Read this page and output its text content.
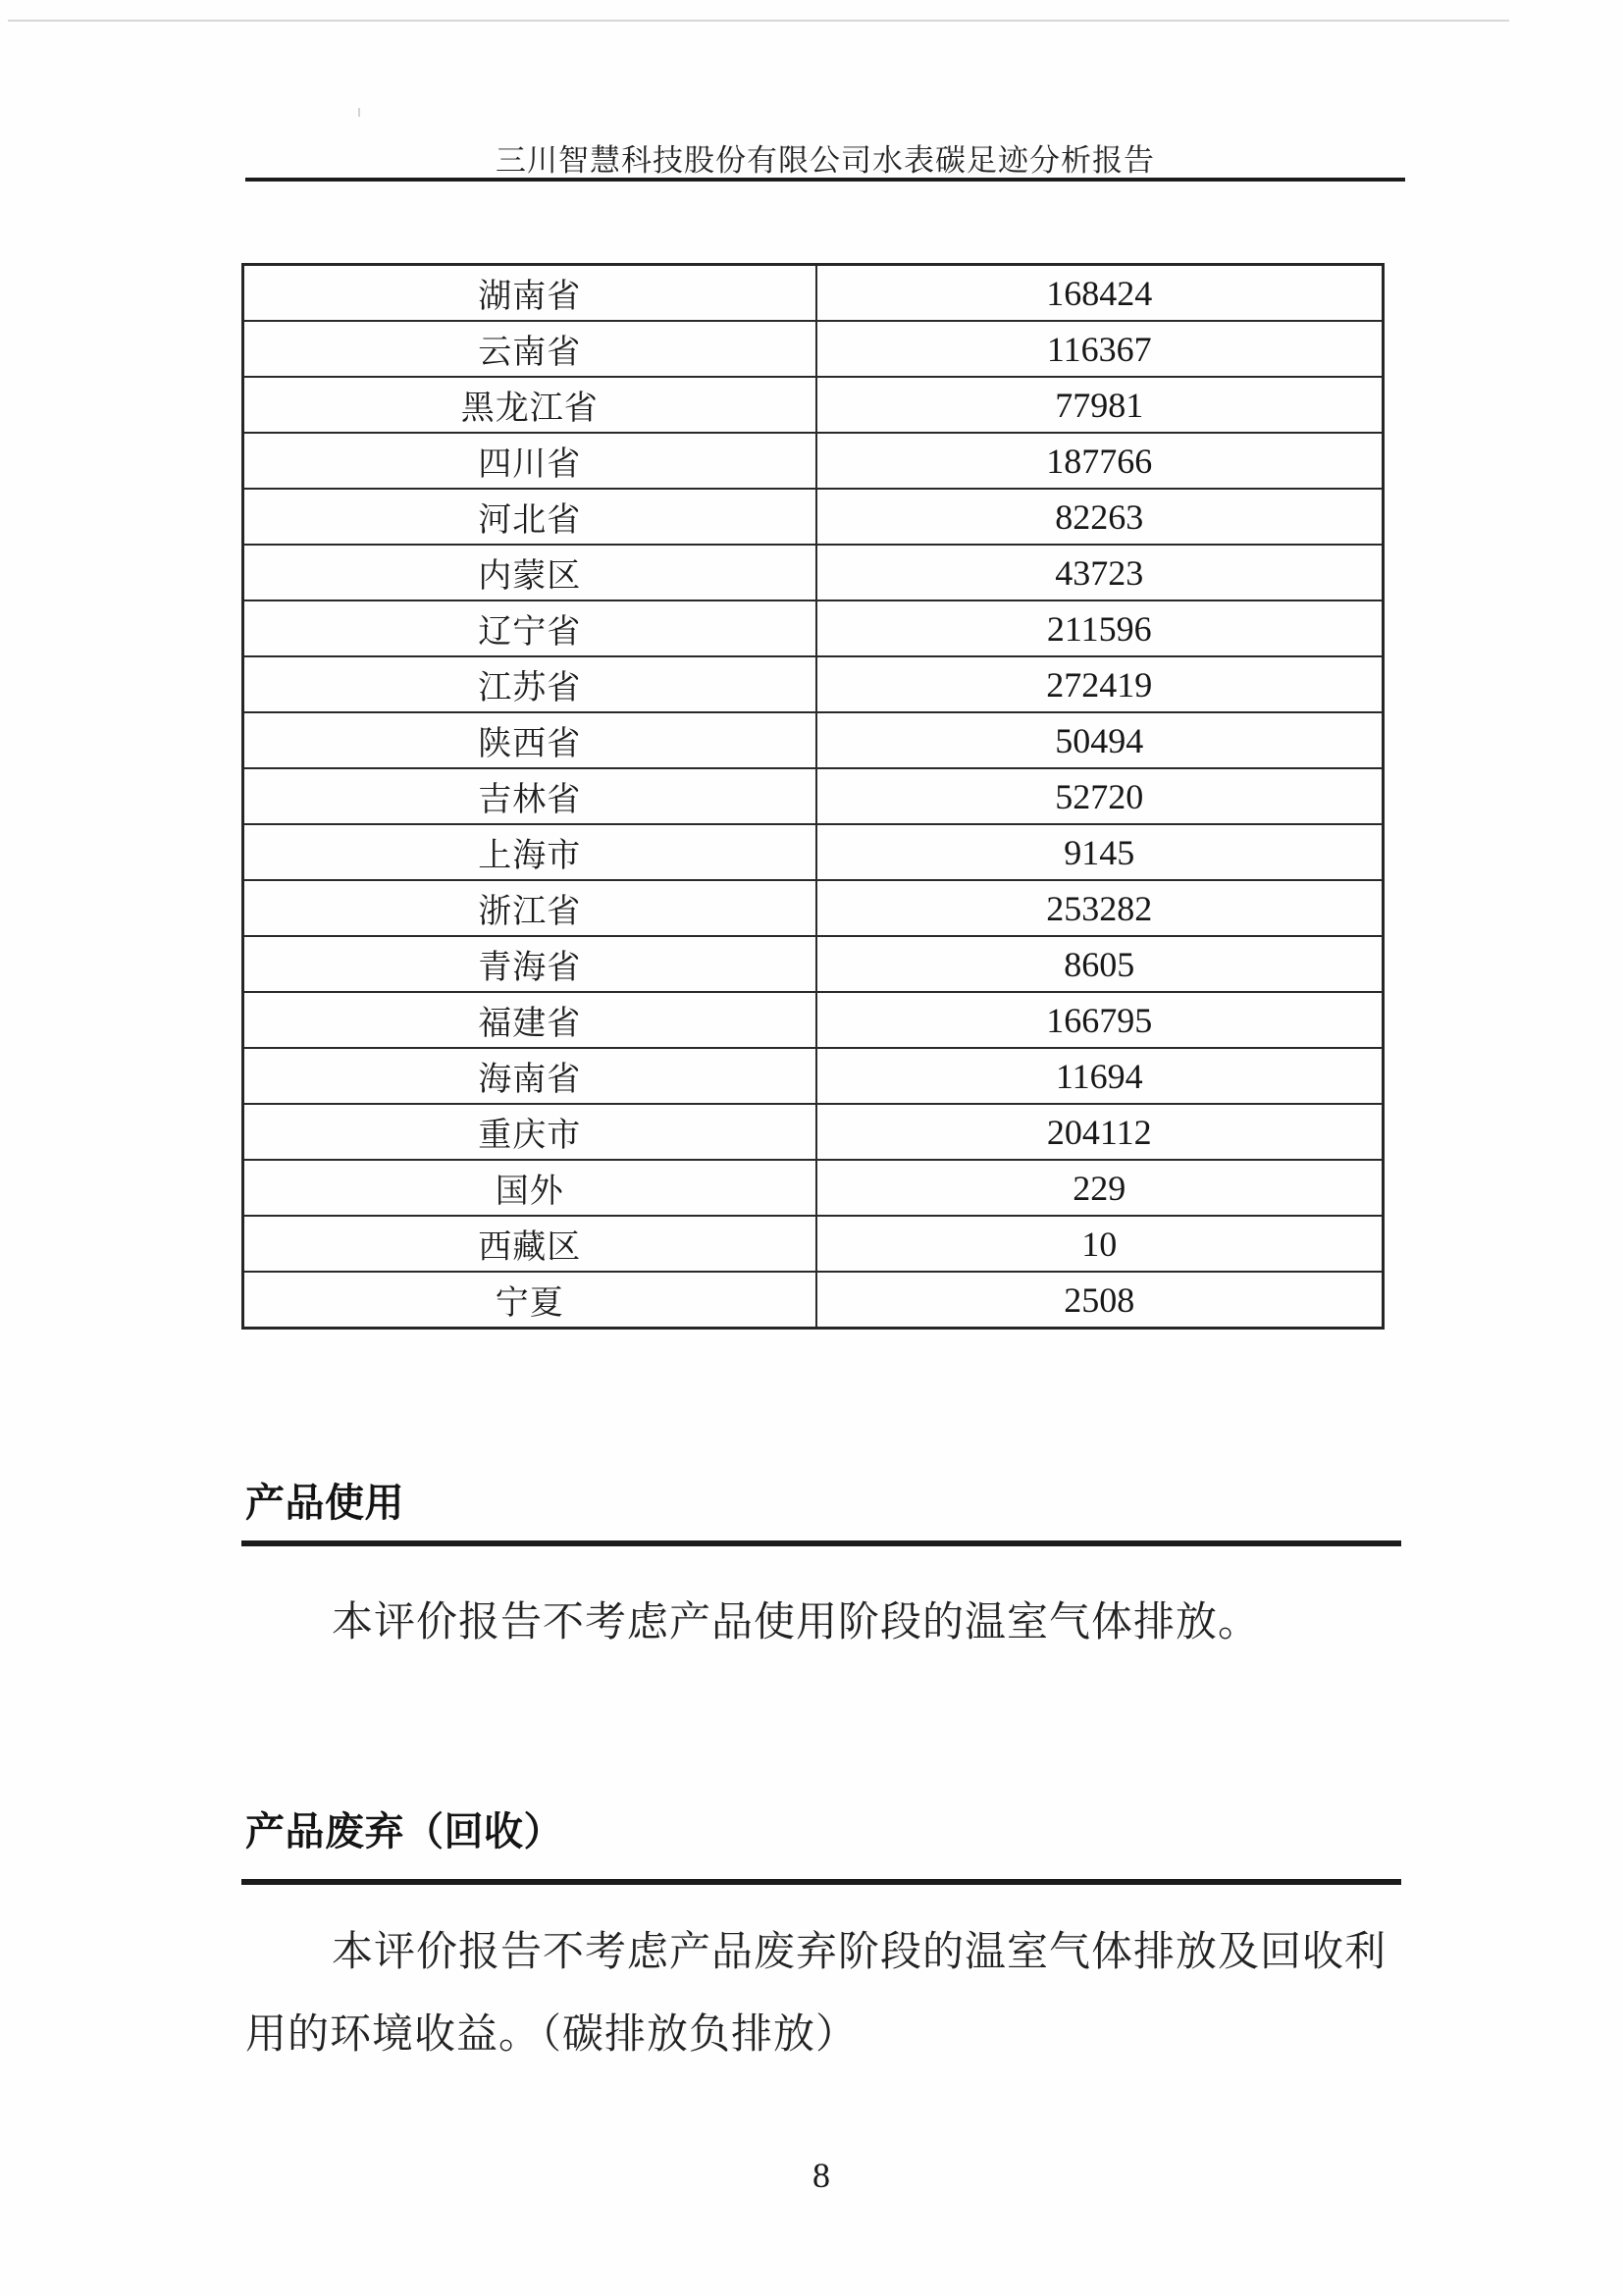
三川智慧科技股份有限公司水表碳足迹分析报告
湖南省	168424
云南省	116367
黑龙江省	77981
四川省	187766
河北省	82263
内蒙区	43723
辽宁省	211596
江苏省	272419
陕西省	50494
吉林省	52720
上海市	9145
浙江省	253282
青海省	8605
福建省	166795
海南省	11694
重庆市	204112
国外	229
西藏区	10
宁夏	2508
产品使用
本评价报告不考虑产品使用阶段的温室气体排放。
产品废弃（回收）
本评价报告不考虑产品废弃阶段的温室气体排放及回收利
用的环境收益。（碳排放负排放）
8
